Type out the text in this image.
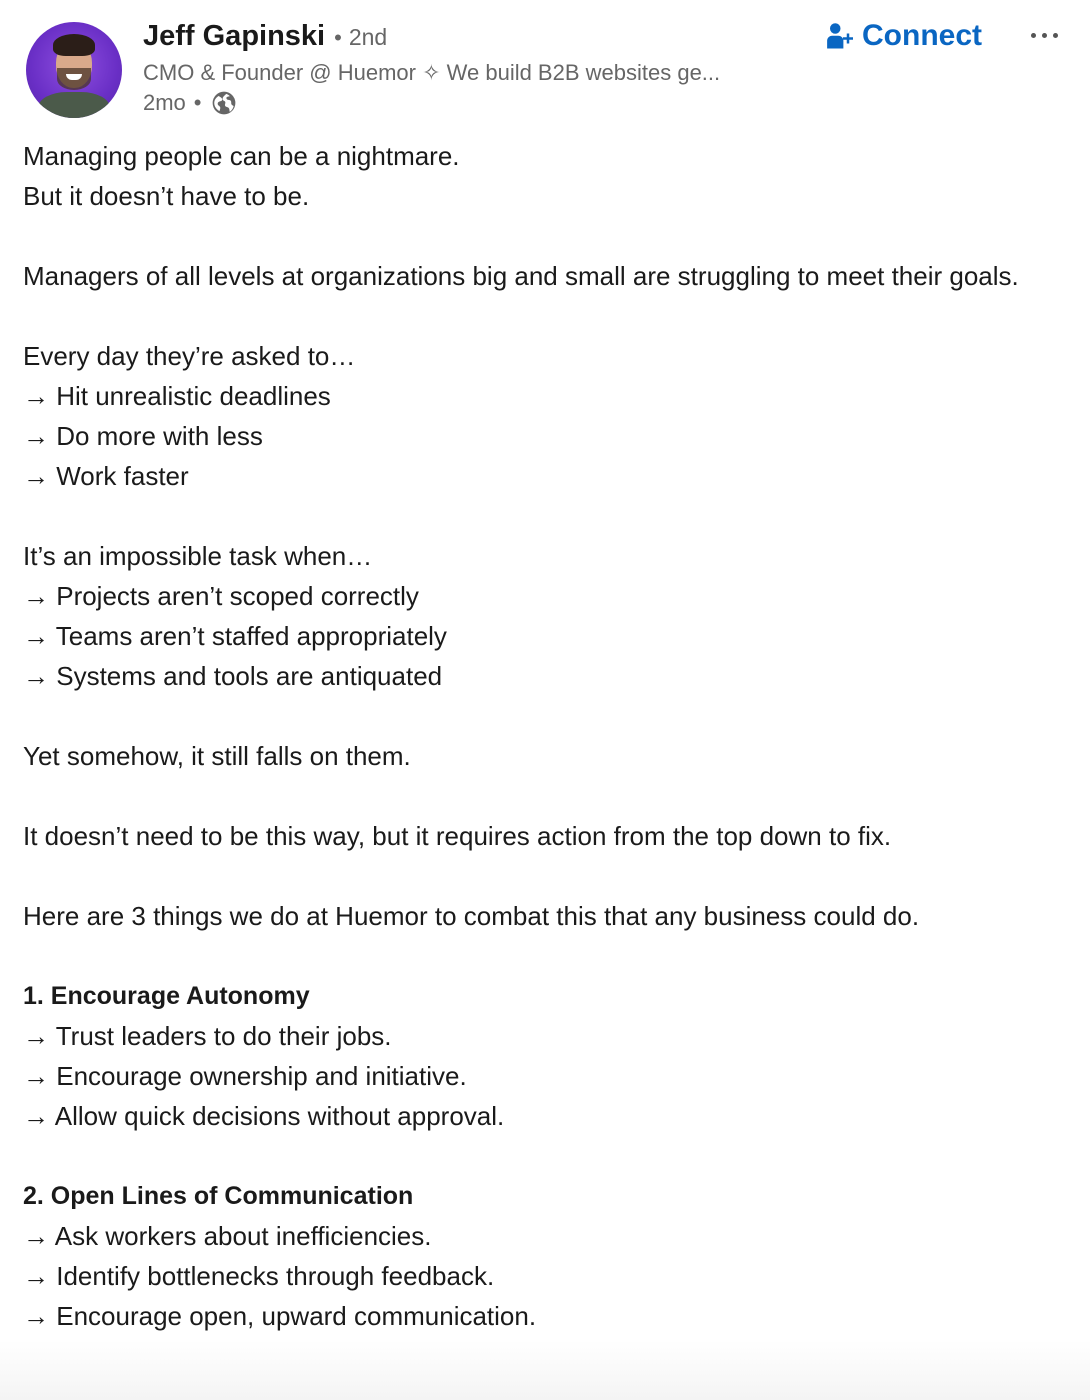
Jeff Gapinski • 2nd
CMO & Founder @ Huemor ✧ We build B2B websites ge...
2mo •
Connect
Managing people can be a nightmare.
But it doesn’t have to be.
Managers of all levels at organizations big and small are struggling to meet their goals.
Every day they’re asked to…
→ Hit unrealistic deadlines
→ Do more with less
→ Work faster
It’s an impossible task when…
→ Projects aren’t scoped correctly
→ Teams aren’t staffed appropriately
→ Systems and tools are antiquated
Yet somehow, it still falls on them.
It doesn’t need to be this way, but it requires action from the top down to fix.
Here are 3 things we do at Huemor to combat this that any business could do.
1. Encourage Autonomy
→ Trust leaders to do their jobs.
→ Encourage ownership and initiative.
→ Allow quick decisions without approval.
2. Open Lines of Communication
→ Ask workers about inefficiencies.
→ Identify bottlenecks through feedback.
→ Encourage open, upward communication.
